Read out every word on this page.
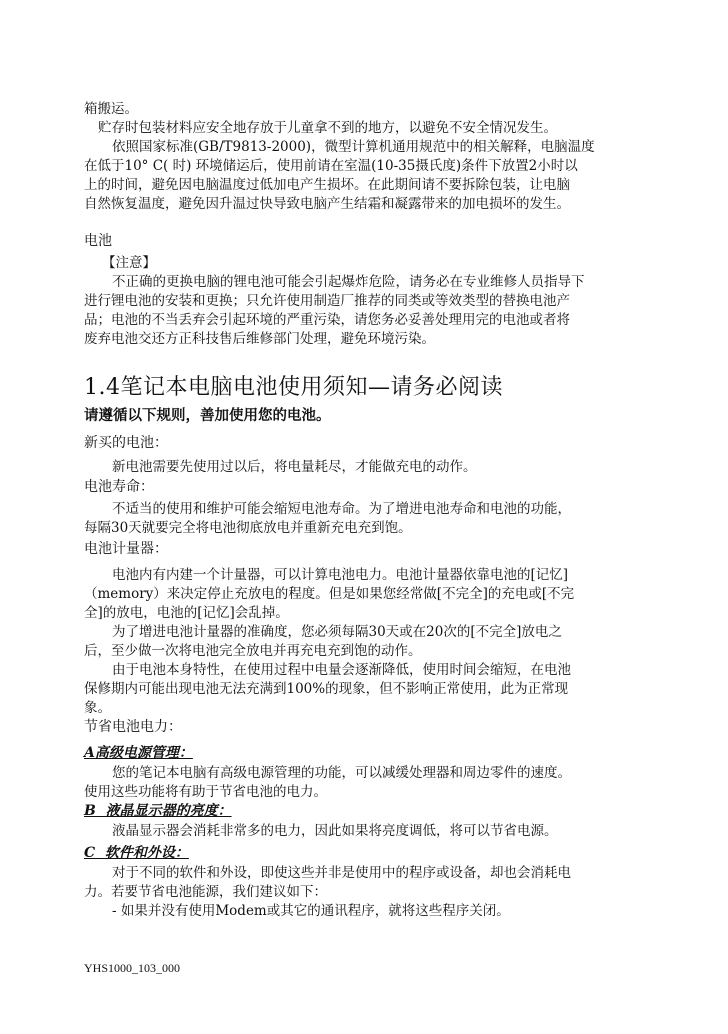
箱搬运。

贮存时包装材料应安全地存放于儿童拿不到的地方，以避免不安全情况发生。

依照国家标准(GB/T9813-2000)，微型计算机通用规范中的相关解释，电脑温度

在低于10° C( 时) 环境储运后，使用前请在室温(10-35摄氏度)条件下放置2小时以

上的时间，避免因电脑温度过低加电产生损坏。在此期间请不要拆除包装，让电脑

自然恢复温度，避免因升温过快导致电脑产生结霜和凝露带来的加电损坏的发生。

电池

【注意】

不正确的更换电脑的锂电池可能会引起爆炸危险，请务必在专业维修人员指导下

进行锂电池的安装和更换；只允许使用制造厂推荐的同类或等效类型的替换电池产

品；电池的不当丢弃会引起环境的严重污染，请您务必妥善处理用完的电池或者将

废弃电池交还方正科技售后维修部门处理，避免环境污染。

1.4笔记本电脑电池使用须知—请务必阅读
请遵循以下规则，善加使用您的电池。
新买的电池：

新电池需要先使用过以后，将电量耗尽，才能做充电的动作。

电池寿命：

不适当的使用和维护可能会缩短电池寿命。为了增进电池寿命和电池的功能，

每隔30天就要完全将电池彻底放电并重新充电充到饱。

电池计量器：

电池内有内建一个计量器，可以计算电池电力。电池计量器依靠电池的[记忆]

（memory）来决定停止充放电的程度。但是如果您经常做[不完全]的充电或[不完

全]的放电，电池的[记忆]会乱掉。

为了增进电池计量器的准确度，您必须每隔30天或在20次的[不完全]放电之

后，至少做一次将电池完全放电并再充电充到饱的动作。

由于电池本身特性，在使用过程中电量会逐渐降低，使用时间会缩短，在电池

保修期内可能出现电池无法充满到100%的现象，但不影响正常使用，此为正常现

象。

节省电池电力：
A高级电源管理：

您的笔记本电脑有高级电源管理的功能，可以减缓处理器和周边零件的速度。

使用这些功能将有助于节省电池的电力。

B  液晶显示器的亮度：

液晶显示器会消耗非常多的电力，因此如果将亮度调低，将可以节省电源。

C  软件和外设：

对于不同的软件和外设，即使这些并非是使用中的程序或设备，却也会消耗电

力。若要节省电池能源，我们建议如下：

- 如果并没有使用Modem或其它的通讯程序，就将这些程序关闭。

YHS1000_103_000
